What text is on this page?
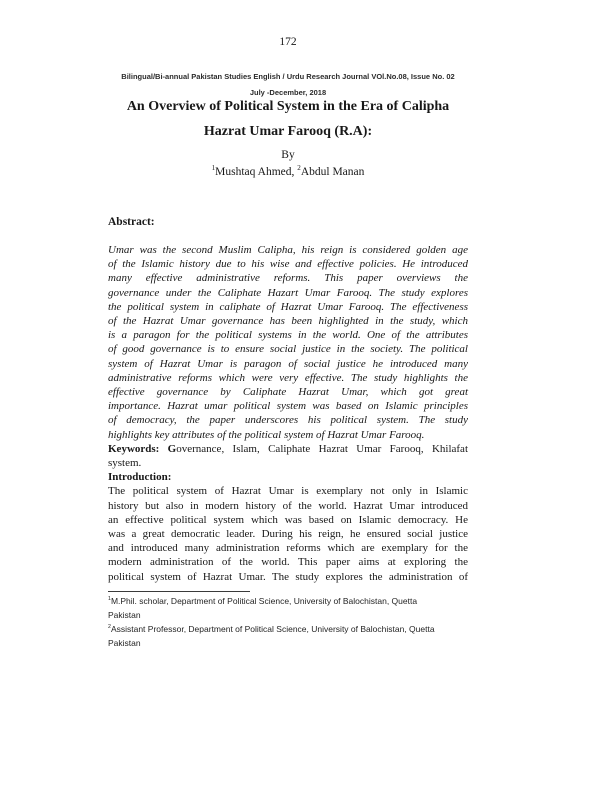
172
Bilingual/Bi-annual Pakistan Studies English / Urdu Research Journal VOl.No.08, Issue No. 02
July -December, 2018
An Overview of Political System in the Era of Calipha
Hazrat Umar Farooq (R.A):
By
$^1$Mushtaq Ahmed, $^2$Abdul Manan
Abstract:
Umar was the second Muslim Calipha, his reign is considered golden age
of the Islamic history due to his wise and effective policies. He introduced
many effective administrative reforms. This paper overviews the
governance under the Caliphate Hazart Umar Farooq. The study explores
the political system in caliphate of Hazrat Umar Farooq. The effectiveness
of the Hazrat Umar governance has been highlighted in the study, which
is a paragon for the political systems in the world. One of the attributes
of good governance is to ensure social justice in the society. The political
system of Hazrat Umar is paragon of social justice he introduced many
administrative reforms which were very effective. The study highlights the
effective governance by Caliphate Hazrat Umar, which got great
importance. Hazrat umar political system was based on Islamic principles
of democracy, the paper underscores his political system. The study
highlights key attributes of the political system of Hazrat Umar Farooq.
Keywords: Governance, Islam, Caliphate Hazrat Umar Farooq, Khilafat
system.
Introduction:
The political system of Hazrat Umar is exemplary not only in Islamic
history but also in modern history of the world. Hazrat Umar introduced
an effective political system which was based on Islamic democracy. He
was a great democratic leader. During his reign, he ensured social justice
and introduced many administration reforms which are exemplary for the
modern administration of the world. This paper aims at exploring the
political system of Hazrat Umar. The study explores the administration of
$^1$M.Phil. scholar, Department of Political Science, University of Balochistan, Quetta
Pakistan
$^2$Assistant Professor, Department of Political Science, University of Balochistan, Quetta
Pakistan
